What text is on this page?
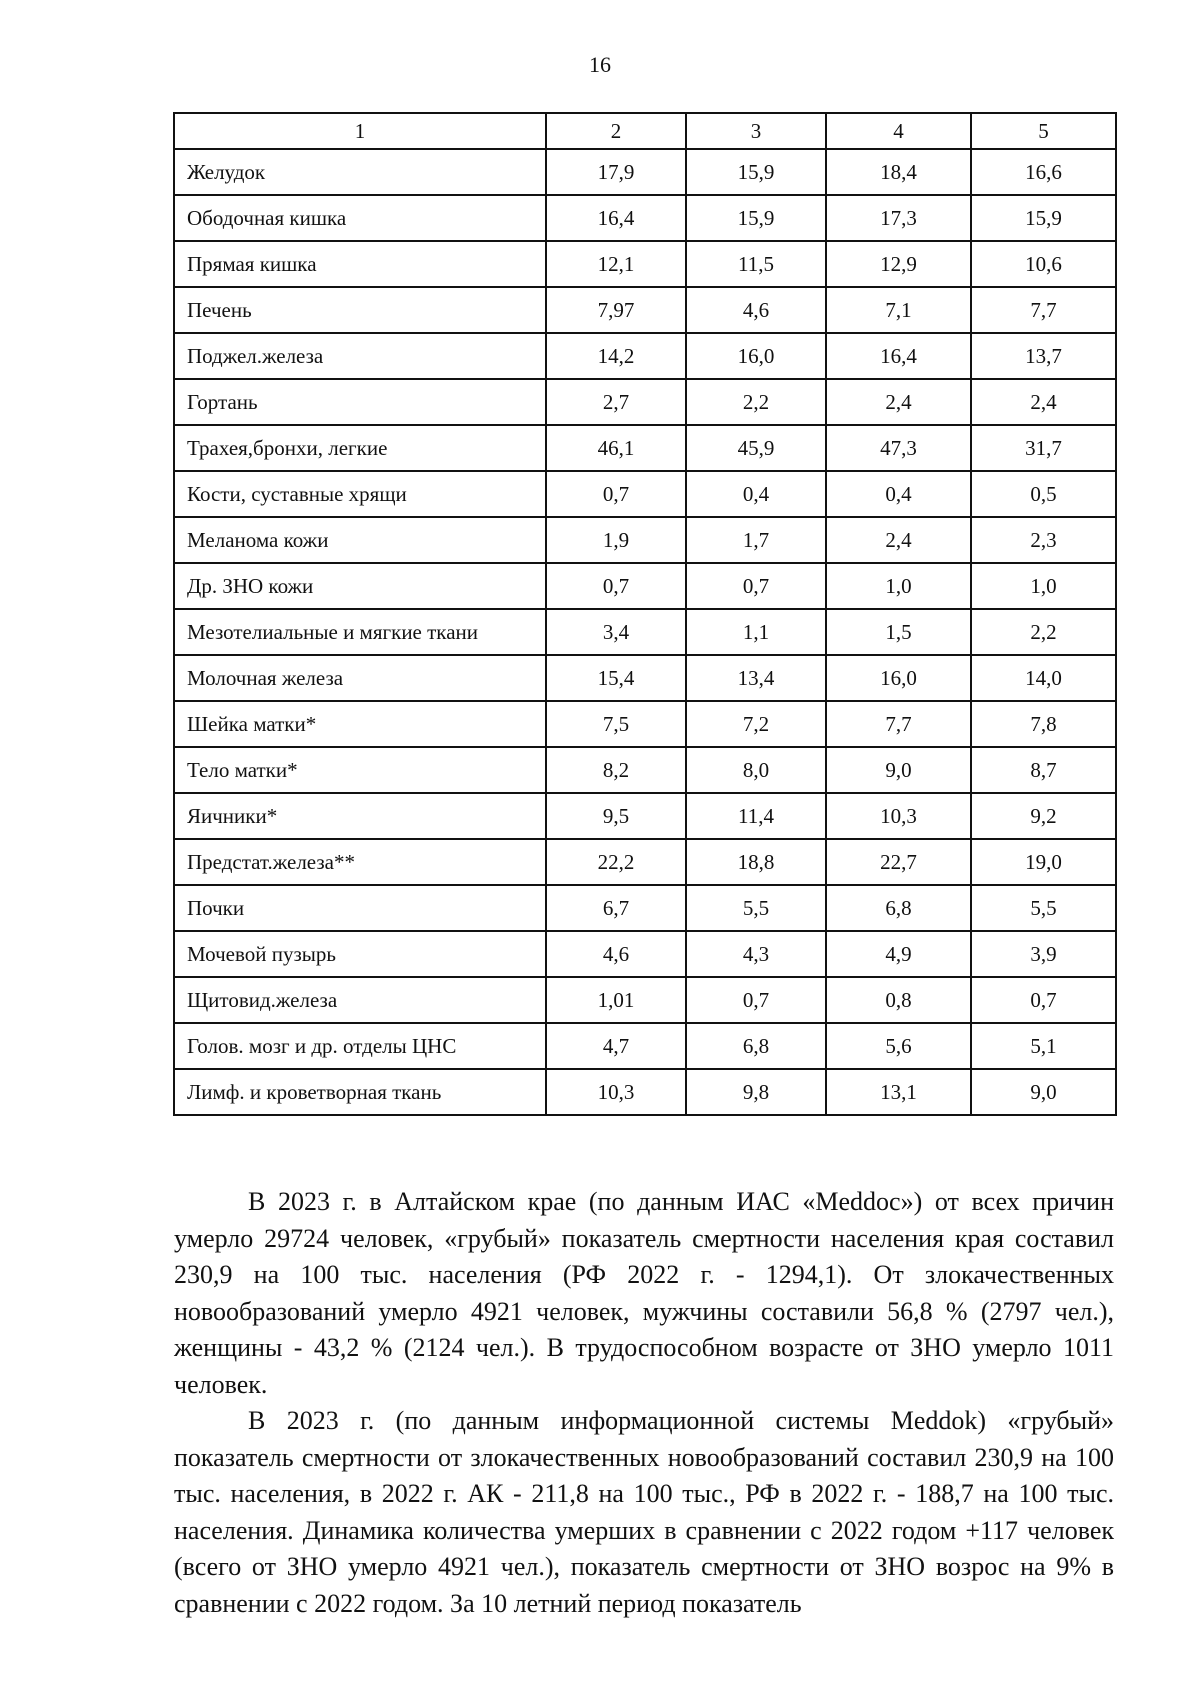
16
1	2	3	4	5
Желудок	17,9	15,9	18,4	16,6
Ободочная кишка	16,4	15,9	17,3	15,9
Прямая кишка	12,1	11,5	12,9	10,6
Печень	7,97	4,6	7,1	7,7
Поджел.железа	14,2	16,0	16,4	13,7
Гортань	2,7	2,2	2,4	2,4
Трахея,бронхи, легкие	46,1	45,9	47,3	31,7
Кости, суставные хрящи	0,7	0,4	0,4	0,5
Меланома кожи	1,9	1,7	2,4	2,3
Др. ЗНО кожи	0,7	0,7	1,0	1,0
Мезотелиальные и мягкие ткани	3,4	1,1	1,5	2,2
Молочная железа	15,4	13,4	16,0	14,0
Шейка матки*	7,5	7,2	7,7	7,8
Тело матки*	8,2	8,0	9,0	8,7
Яичники*	9,5	11,4	10,3	9,2
Предстат.железа**	22,2	18,8	22,7	19,0
Почки	6,7	5,5	6,8	5,5
Мочевой пузырь	4,6	4,3	4,9	3,9
Щитовид.железа	1,01	0,7	0,8	0,7
Голов. мозг и др. отделы ЦНС	4,7	6,8	5,6	5,1
Лимф. и кроветворная ткань	10,3	9,8	13,1	9,0

В 2023 г. в Алтайском крае (по данным ИАС «Meddoc») от всех причин умерло 29724 человек, «грубый» показатель смертности населения края составил 230,9 на 100 тыс. населения (РФ 2022 г. - 1294,1). От злокачественных новообразований умерло 4921 человек, мужчины составили 56,8 % (2797 чел.), женщины - 43,2 % (2124 чел.). В трудоспособном возрасте от ЗНО умерло 1011 человек.

В 2023 г. (по данным информационной системы Meddok) «грубый» показатель смертности от злокачественных новообразований составил 230,9 на 100 тыс. населения, в 2022 г. АК - 211,8 на 100 тыс., РФ в 2022 г. - 188,7 на 100 тыс. населения. Динамика количества умерших в сравнении с 2022 годом +117 человек (всего от ЗНО умерло 4921 чел.), показатель смертности от ЗНО возрос на 9% в сравнении с 2022 годом. За 10 летний период показатель
